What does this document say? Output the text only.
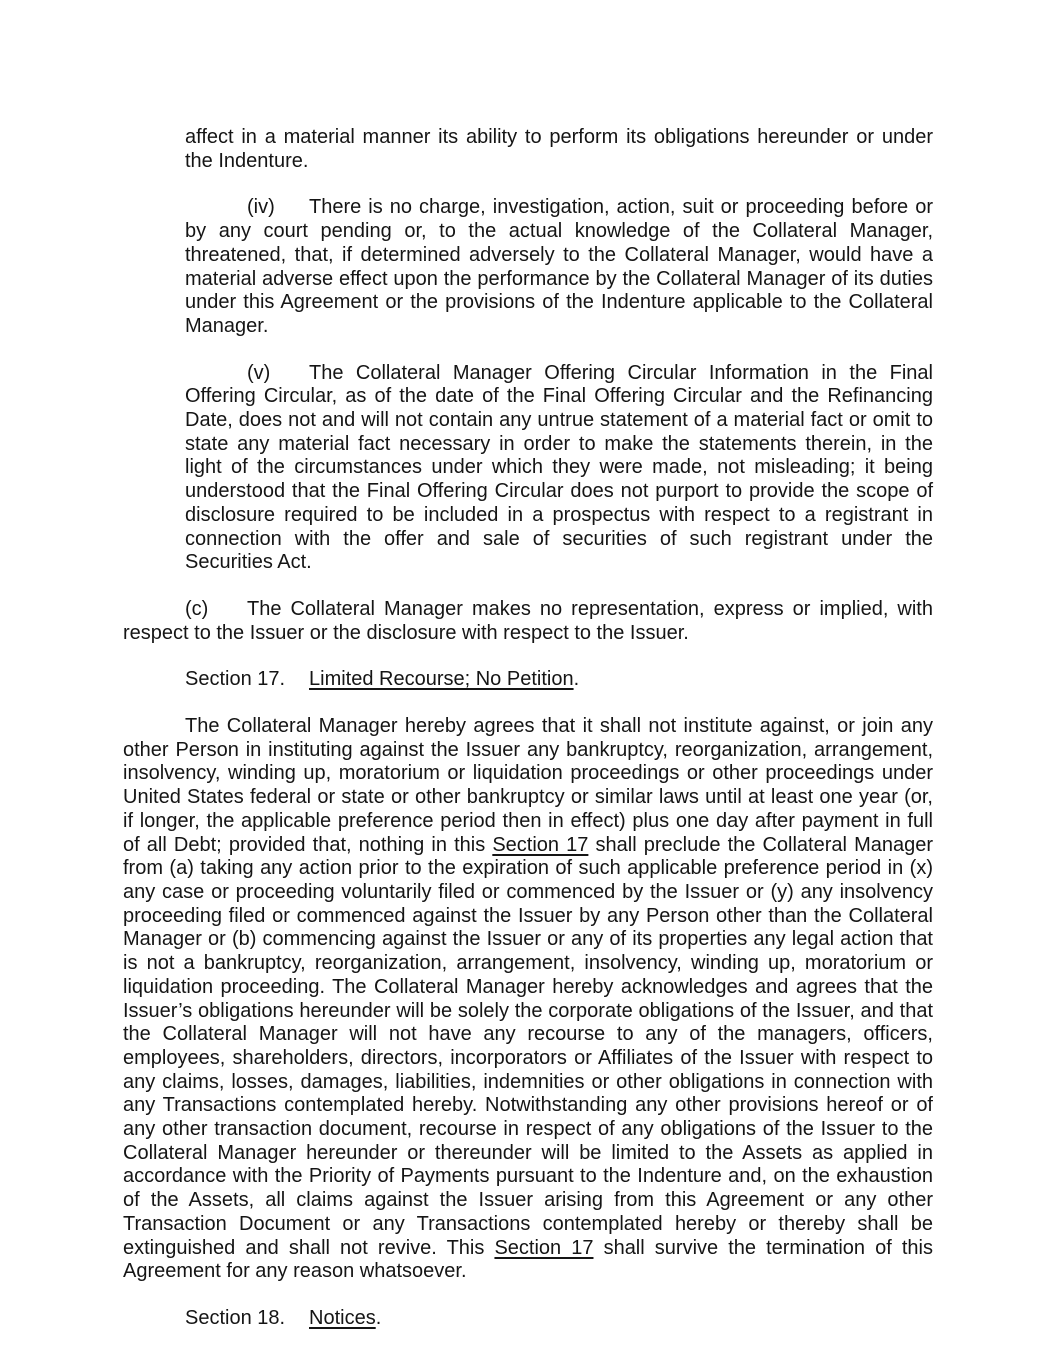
affect in a material manner its ability to perform its obligations hereunder or under the Indenture.

(iv) There is no charge, investigation, action, suit or proceeding before or by any court pending or, to the actual knowledge of the Collateral Manager, threatened, that, if determined adversely to the Collateral Manager, would have a material adverse effect upon the performance by the Collateral Manager of its duties under this Agreement or the provisions of the Indenture applicable to the Collateral Manager.

(v) The Collateral Manager Offering Circular Information in the Final Offering Circular, as of the date of the Final Offering Circular and the Refinancing Date, does not and will not contain any untrue statement of a material fact or omit to state any material fact necessary in order to make the statements therein, in the light of the circumstances under which they were made, not misleading; it being understood that the Final Offering Circular does not purport to provide the scope of disclosure required to be included in a prospectus with respect to a registrant in connection with the offer and sale of securities of such registrant under the Securities Act.

(c) The Collateral Manager makes no representation, express or implied, with respect to the Issuer or the disclosure with respect to the Issuer.

Section 17. Limited Recourse; No Petition.

The Collateral Manager hereby agrees that it shall not institute against, or join any other Person in instituting against the Issuer any bankruptcy, reorganization, arrangement, insolvency, winding up, moratorium or liquidation proceedings or other proceedings under United States federal or state or other bankruptcy or similar laws until at least one year (or, if longer, the applicable preference period then in effect) plus one day after payment in full of all Debt; provided that, nothing in this Section 17 shall preclude the Collateral Manager from (a) taking any action prior to the expiration of such applicable preference period in (x) any case or proceeding voluntarily filed or commenced by the Issuer or (y) any insolvency proceeding filed or commenced against the Issuer by any Person other than the Collateral Manager or (b) commencing against the Issuer or any of its properties any legal action that is not a bankruptcy, reorganization, arrangement, insolvency, winding up, moratorium or liquidation proceeding. The Collateral Manager hereby acknowledges and agrees that the Issuer’s obligations hereunder will be solely the corporate obligations of the Issuer, and that the Collateral Manager will not have any recourse to any of the managers, officers, employees, shareholders, directors, incorporators or Affiliates of the Issuer with respect to any claims, losses, damages, liabilities, indemnities or other obligations in connection with any Transactions contemplated hereby. Notwithstanding any other provisions hereof or of any other transaction document, recourse in respect of any obligations of the Issuer to the Collateral Manager hereunder or thereunder will be limited to the Assets as applied in accordance with the Priority of Payments pursuant to the Indenture and, on the exhaustion of the Assets, all claims against the Issuer arising from this Agreement or any other Transaction Document or any Transactions contemplated hereby or thereby shall be extinguished and shall not revive. This Section 17 shall survive the termination of this Agreement for any reason whatsoever.

Section 18. Notices.
